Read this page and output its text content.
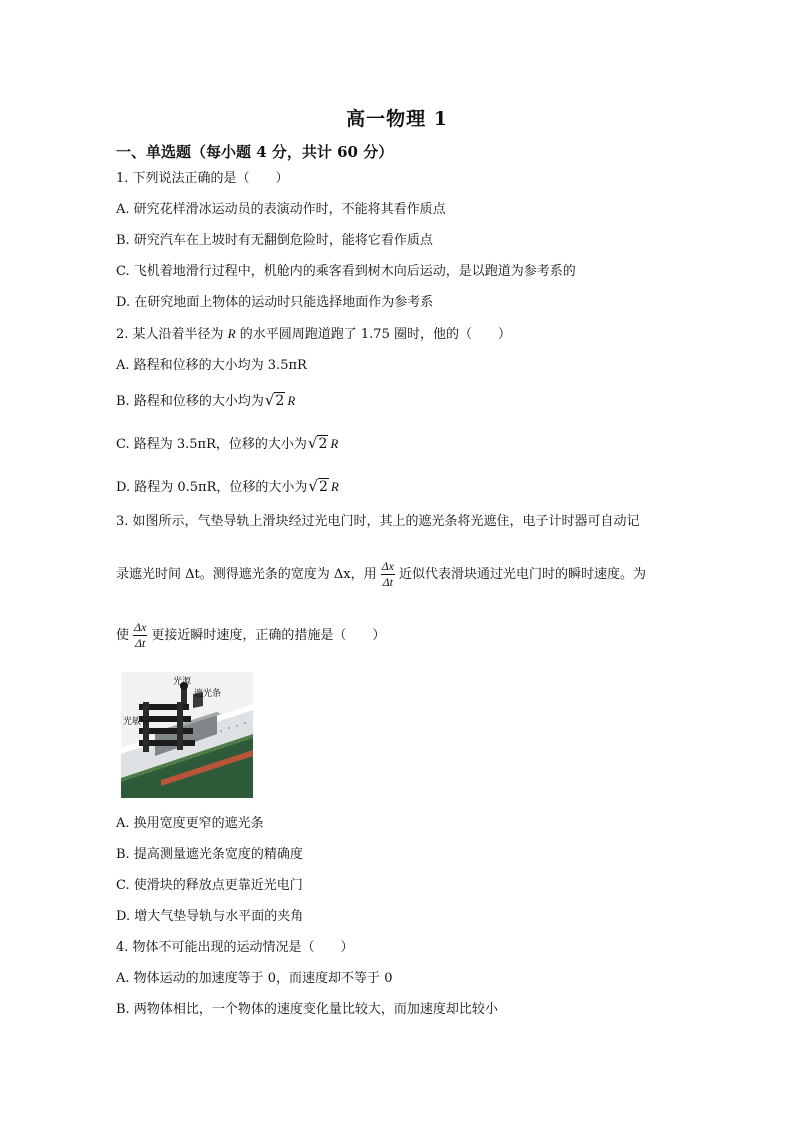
高一物理 1
一、单选题（每小题 4 分，共计 60 分）
1. 下列说法正确的是（　　）
A. 研究花样滑冰运动员的表演动作时，不能将其看作质点
B. 研究汽车在上坡时有无翻倒危险时，能将它看作质点
C. 飞机着地滑行过程中，机舱内的乘客看到树木向后运动，是以跑道为参考系的
D. 在研究地面上物体的运动时只能选择地面作为参考系
2. 某人沿着半径为 R 的水平圆周跑道跑了 1.75 圈时，他的（　　）
A. 路程和位移的大小均为 3.5πR
B. 路程和位移的大小均为√2 R
C. 路程为 3.5πR，位移的大小为√2 R
D. 路程为 0.5πR，位移的大小为√2 R
3. 如图所示，气垫导轨上滑块经过光电门时，其上的遮光条将光遮住，电子计时器可自动记
录遮光时间 Δt。测得遮光条的宽度为 Δx，用 $\frac{\Delta x}{\Delta t}$ 近似代表滑块通过光电门时的瞬时速度。为
使 $\frac{\Delta x}{\Delta t}$ 更接近瞬时速度，正确的措施是（　　）
光源
遮光条
光敏管
A. 换用宽度更窄的遮光条
B. 提高测量遮光条宽度的精确度
C. 使滑块的释放点更靠近光电门
D. 增大气垫导轨与水平面的夹角
4. 物体不可能出现的运动情况是（　　）
A. 物体运动的加速度等于 0，而速度却不等于 0
B. 两物体相比，一个物体的速度变化量比较大，而加速度却比较小
